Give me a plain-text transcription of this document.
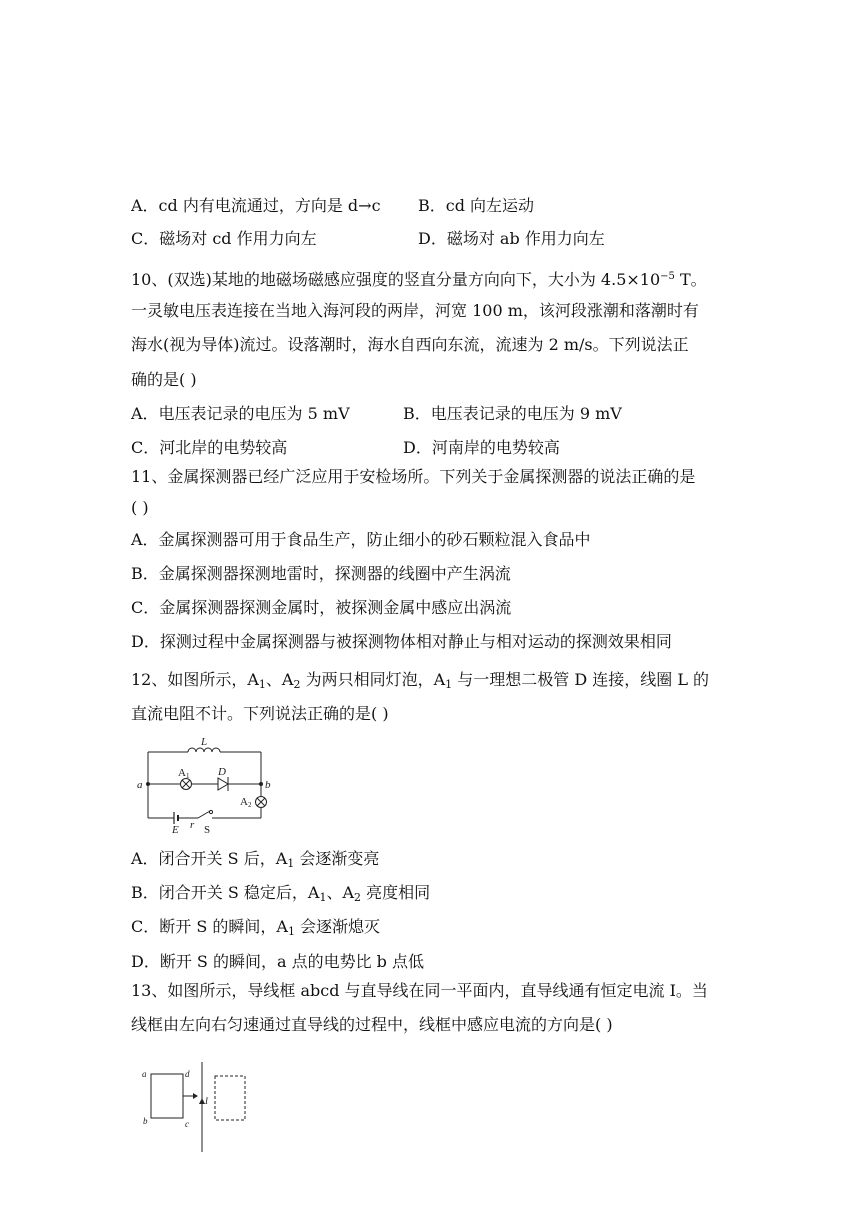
A．cd 内有电流通过，方向是 d→c B．cd 向左运动
C．磁场对 cd 作用力向左	D．磁场对 ab 作用力向左
10、(双选)某地的地磁场磁感应强度的竖直分量方向向下，大小为 $4.5\times 10^{-5}$ T。
一灵敏电压表连接在当地入海河段的两岸，河宽 100 m，该河段涨潮和落潮时有
海水(视为导体)流过。设落潮时，海水自西向东流，流速为 2 m/s。下列说法正
确的是( )
A．电压表记录的电压为 5 mV	B．电压表记录的电压为 9 mV
C．河北岸的电势较高	D．河南岸的电势较高
11、金属探测器已经广泛应用于安检场所。下列关于金属探测器的说法正确的是
( )
A．金属探测器可用于食品生产，防止细小的砂石颗粒混入食品中
B．金属探测器探测地雷时，探测器的线圈中产生涡流
C．金属探测器探测金属时，被探测金属中感应出涡流
D．探测过程中金属探测器与被探测物体相对静止与相对运动的探测效果相同
12、如图所示，$A_1$、$A_2$ 为两只相同灯泡，$A_1$ 与一理想二极管 D 连接，线圈 L 的
直流电阻不计。下列说法正确的是( )
L
A1	D
a	b
A2
E r S
A．闭合开关 S 后，$A_1$ 会逐渐变亮
B．闭合开关 S 稳定后，$A_1$、$A_2$ 亮度相同
C．断开 S 的瞬间，$A_1$ 会逐渐熄灭
D．断开 S 的瞬间，a 点的电势比 b 点低
13、如图所示，导线框 abcd 与直导线在同一平面内，直导线通有恒定电流 I。当
线框由左向右匀速通过直导线的过程中，线框中感应电流的方向是( )
a	d
b	c
I
